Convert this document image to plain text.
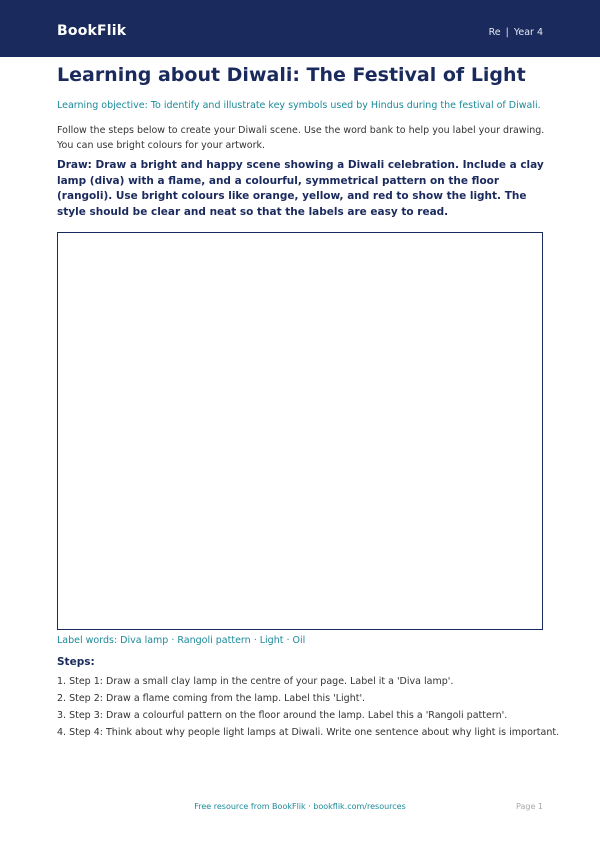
BookFlik	Re | Year 4
Learning about Diwali: The Festival of Light
Learning objective: To identify and illustrate key symbols used by Hindus during the festival of Diwali.
Follow the steps below to create your Diwali scene. Use the word bank to help you label your drawing. You can use bright colours for your artwork.
Draw: Draw a bright and happy scene showing a Diwali celebration. Include a clay lamp (diva) with a flame, and a colourful, symmetrical pattern on the floor (rangoli). Use bright colours like orange, yellow, and red to show the light. The style should be clear and neat so that the labels are easy to read.
Label words: Diva lamp · Rangoli pattern · Light · Oil
Steps:
1. Step 1: Draw a small clay lamp in the centre of your page. Label it a 'Diva lamp'.
2. Step 2: Draw a flame coming from the lamp. Label this 'Light'.
3. Step 3: Draw a colourful pattern on the floor around the lamp. Label this a 'Rangoli pattern'.
4. Step 4: Think about why people light lamps at Diwali. Write one sentence about why light is important.
Free resource from BookFlik · bookflik.com/resources	Page 1
